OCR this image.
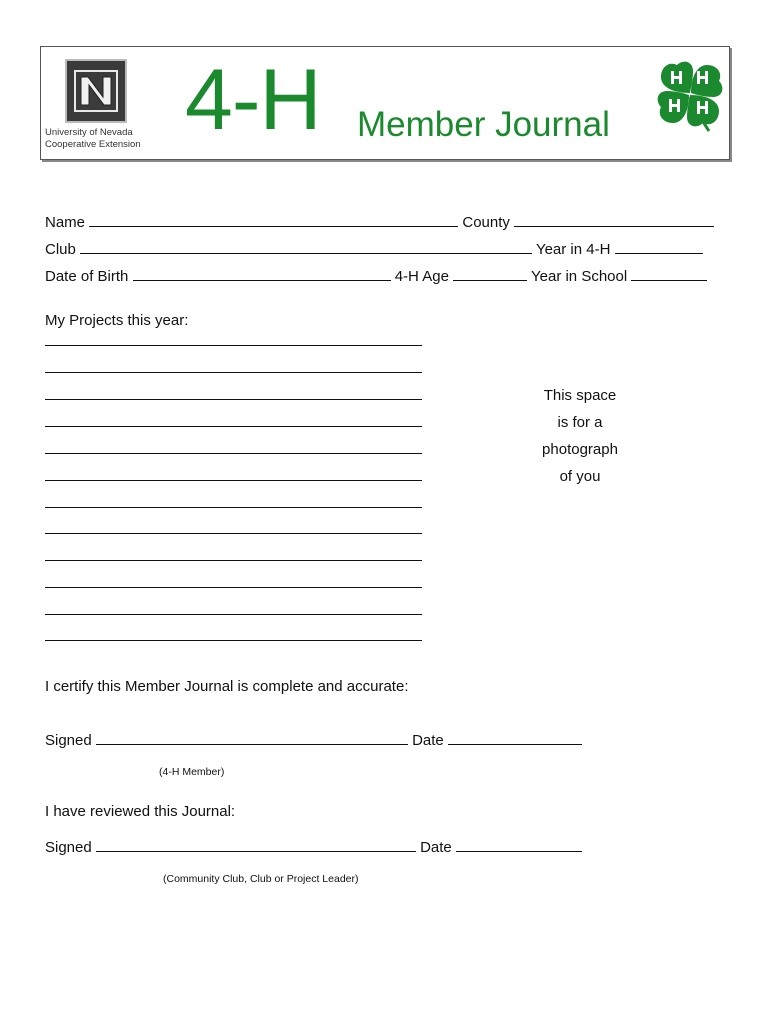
University of Nevada
Cooperative Extension 4-H Member Journal
Name	County
Club	Year in 4-H
Date of Birth	4-H Age	Year in School
My Projects this year:
This space
is for a
photograph
of you
I certify this Member Journal is complete and accurate:
Signed	Date
(4-H Member)
I have reviewed this Journal:
Signed	Date
(Community Club, Club or Project Leader)
